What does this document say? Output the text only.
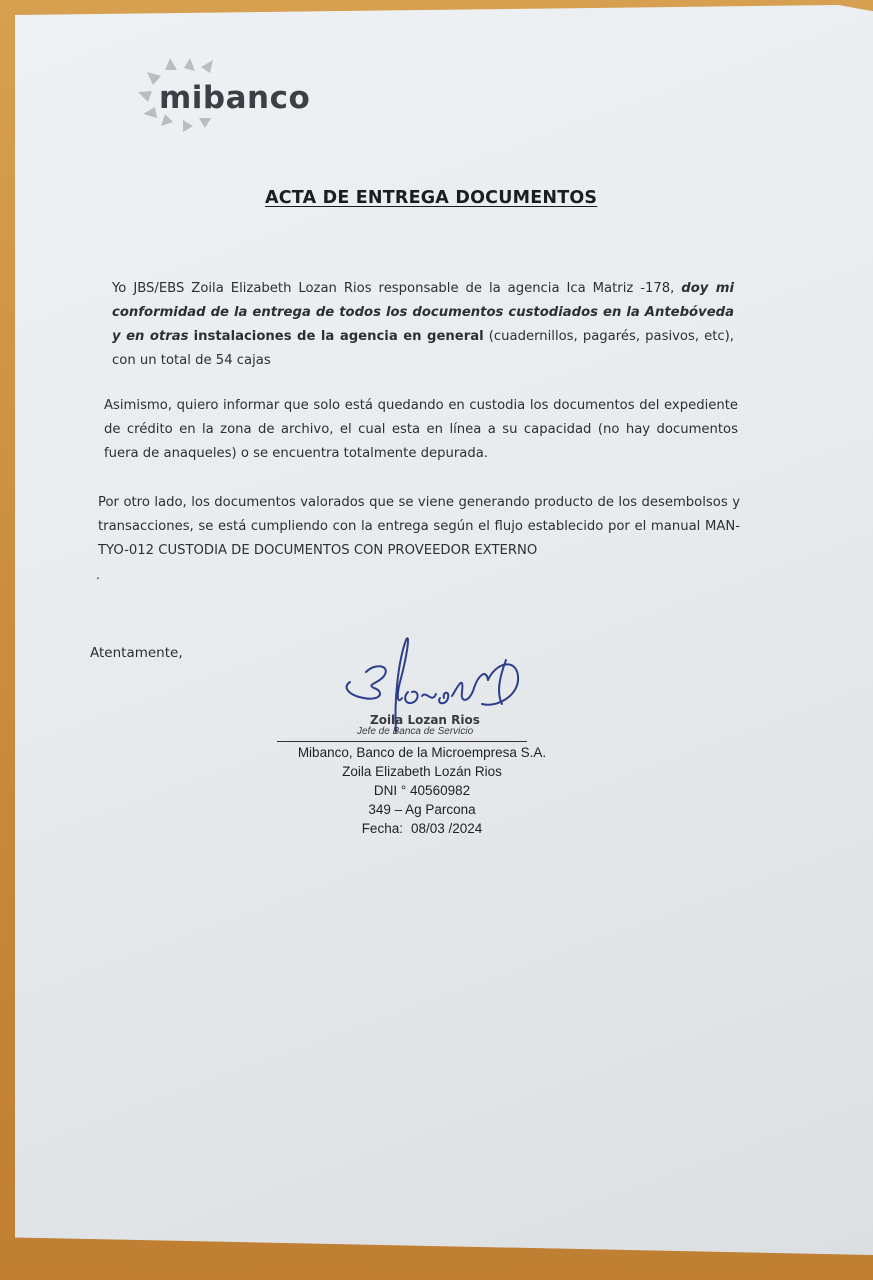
mibanco
ACTA DE ENTREGA DOCUMENTOS
Yo JBS/EBS Zoila Elizabeth Lozan Rios responsable de la agencia Ica Matriz -178, doy mi conformidad de la entrega de todos los documentos custodiados en la Antebóveda y en otras instalaciones de la agencia en general (cuadernillos, pagarés, pasivos, etc), con un total de 54 cajas
Asimismo, quiero informar que solo está quedando en custodia los documentos del expediente de crédito en la zona de archivo, el cual esta en línea a su capacidad (no hay documentos fuera de anaqueles) o se encuentra totalmente depurada.
Por otro lado, los documentos valorados que se viene generando producto de los desembolsos y transacciones, se está cumpliendo con la entrega según el flujo establecido por el manual MAN-TYO-012 CUSTODIA DE DOCUMENTOS CON PROVEEDOR EXTERNO
.
Atentamente,
Zoila Lozan Rios
Jefe de Banca de Servicio
Mibanco, Banco de la Microempresa S.A.
Zoila Elizabeth Lozán Rios
DNI ° 40560982
349 – Ag Parcona
Fecha: 08/03 /2024
